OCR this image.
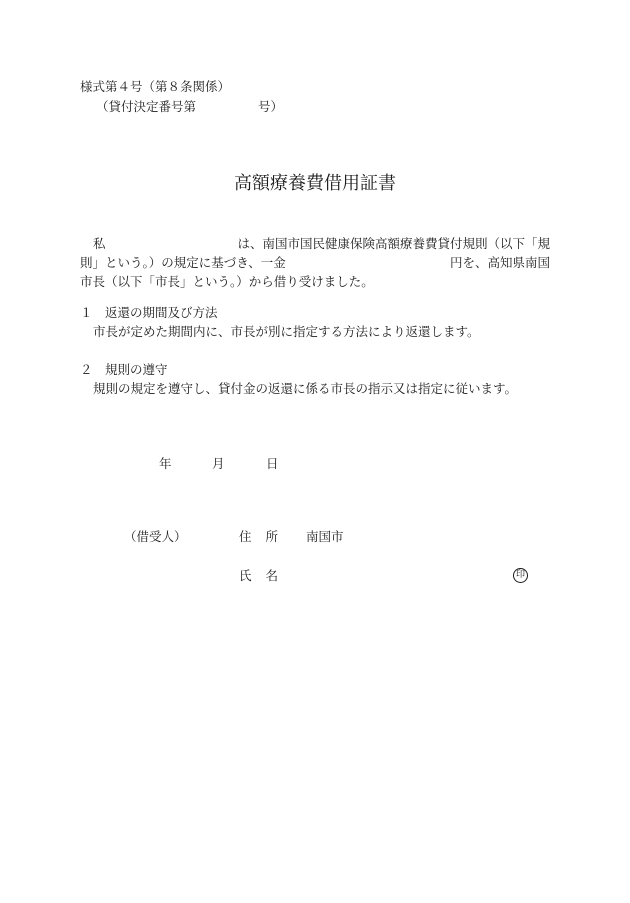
様式第４号（第８条関係）
（貸付決定番号第	号）
高額療養費借用証書
私	は、南国市国民健康保険高額療養費貸付規則（以下「規
則」という。）の規定に基づき、一金	円を、高知県南国
市長（以下「市長」という。）から借り受けました。
１　返還の期間及び方法
市長が定めた期間内に、市長が別に指定する方法により返還します。
２　規則の遵守
規則の規定を遵守し、貸付金の返還に係る市長の指示又は指定に従います。
年	月	日
（借受人）	住 所 南国市
氏 名	印
